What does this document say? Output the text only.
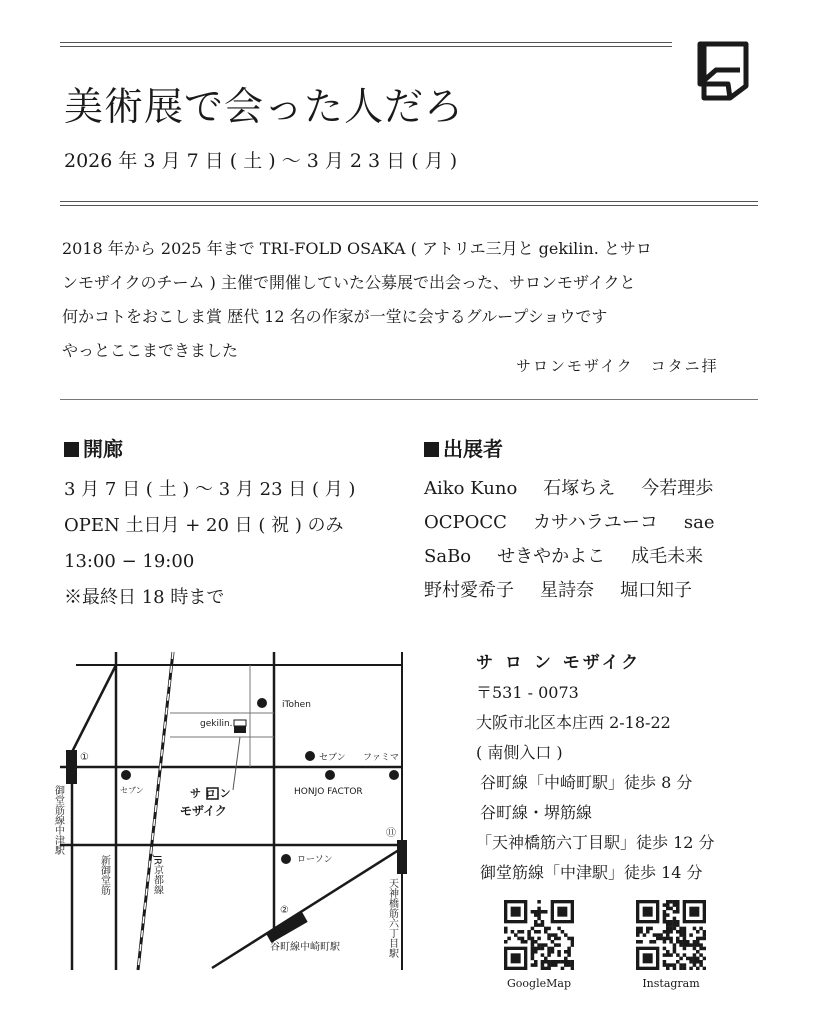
美術展で会った人だろ
2026 年 3 月 7 日 ( 土 ) ～ 3 月 2 3 日 ( 月 )

2018 年から 2025 年まで TRI-FOLD OSAKA ( アトリエ三月と gekilin. とサロ

ンモザイクのチーム ) 主催で開催していた公募展で出会った、サロンモザイクと

何かコトをおこしま賞 歴代 12 名の作家が一堂に会するグループショウです

やっとここまできました

サロンモザイク　コタニ拝
開廊
3 月 7 日 ( 土 ) ～ 3 月 23 日 ( 月 )
OPEN 土日月 + 20 日 ( 祝 ) のみ
13:00 − 19:00
※最終日 18 時まで
出展者
Aiko Kuno 石塚ちえ 今若理歩
OCPOCC カサハラユーコ sae
SaBo せきやかよこ 成毛未来
野村愛希子 星詩奈 堀口知子
iTohen
gekilin.
セブン ファミマ
セブン	HONJO FACTOR
ローソン
サ ロ ン
モザイク
①
②
⑪
谷町線中崎町駅
御堂筋線中津駅
新御堂筋	JR京都線
天神橋筋六丁目駅
サ ロ ン モザイク
〒531 - 0073
大阪市北区本庄西 2-18-22
( 南側入口 )
谷町線「中崎町駅」徒歩 8 分
谷町線・堺筋線
「天神橋筋六丁目駅」徒歩 12 分
御堂筋線「中津駅」徒歩 14 分
GoogleMap	Instagram
